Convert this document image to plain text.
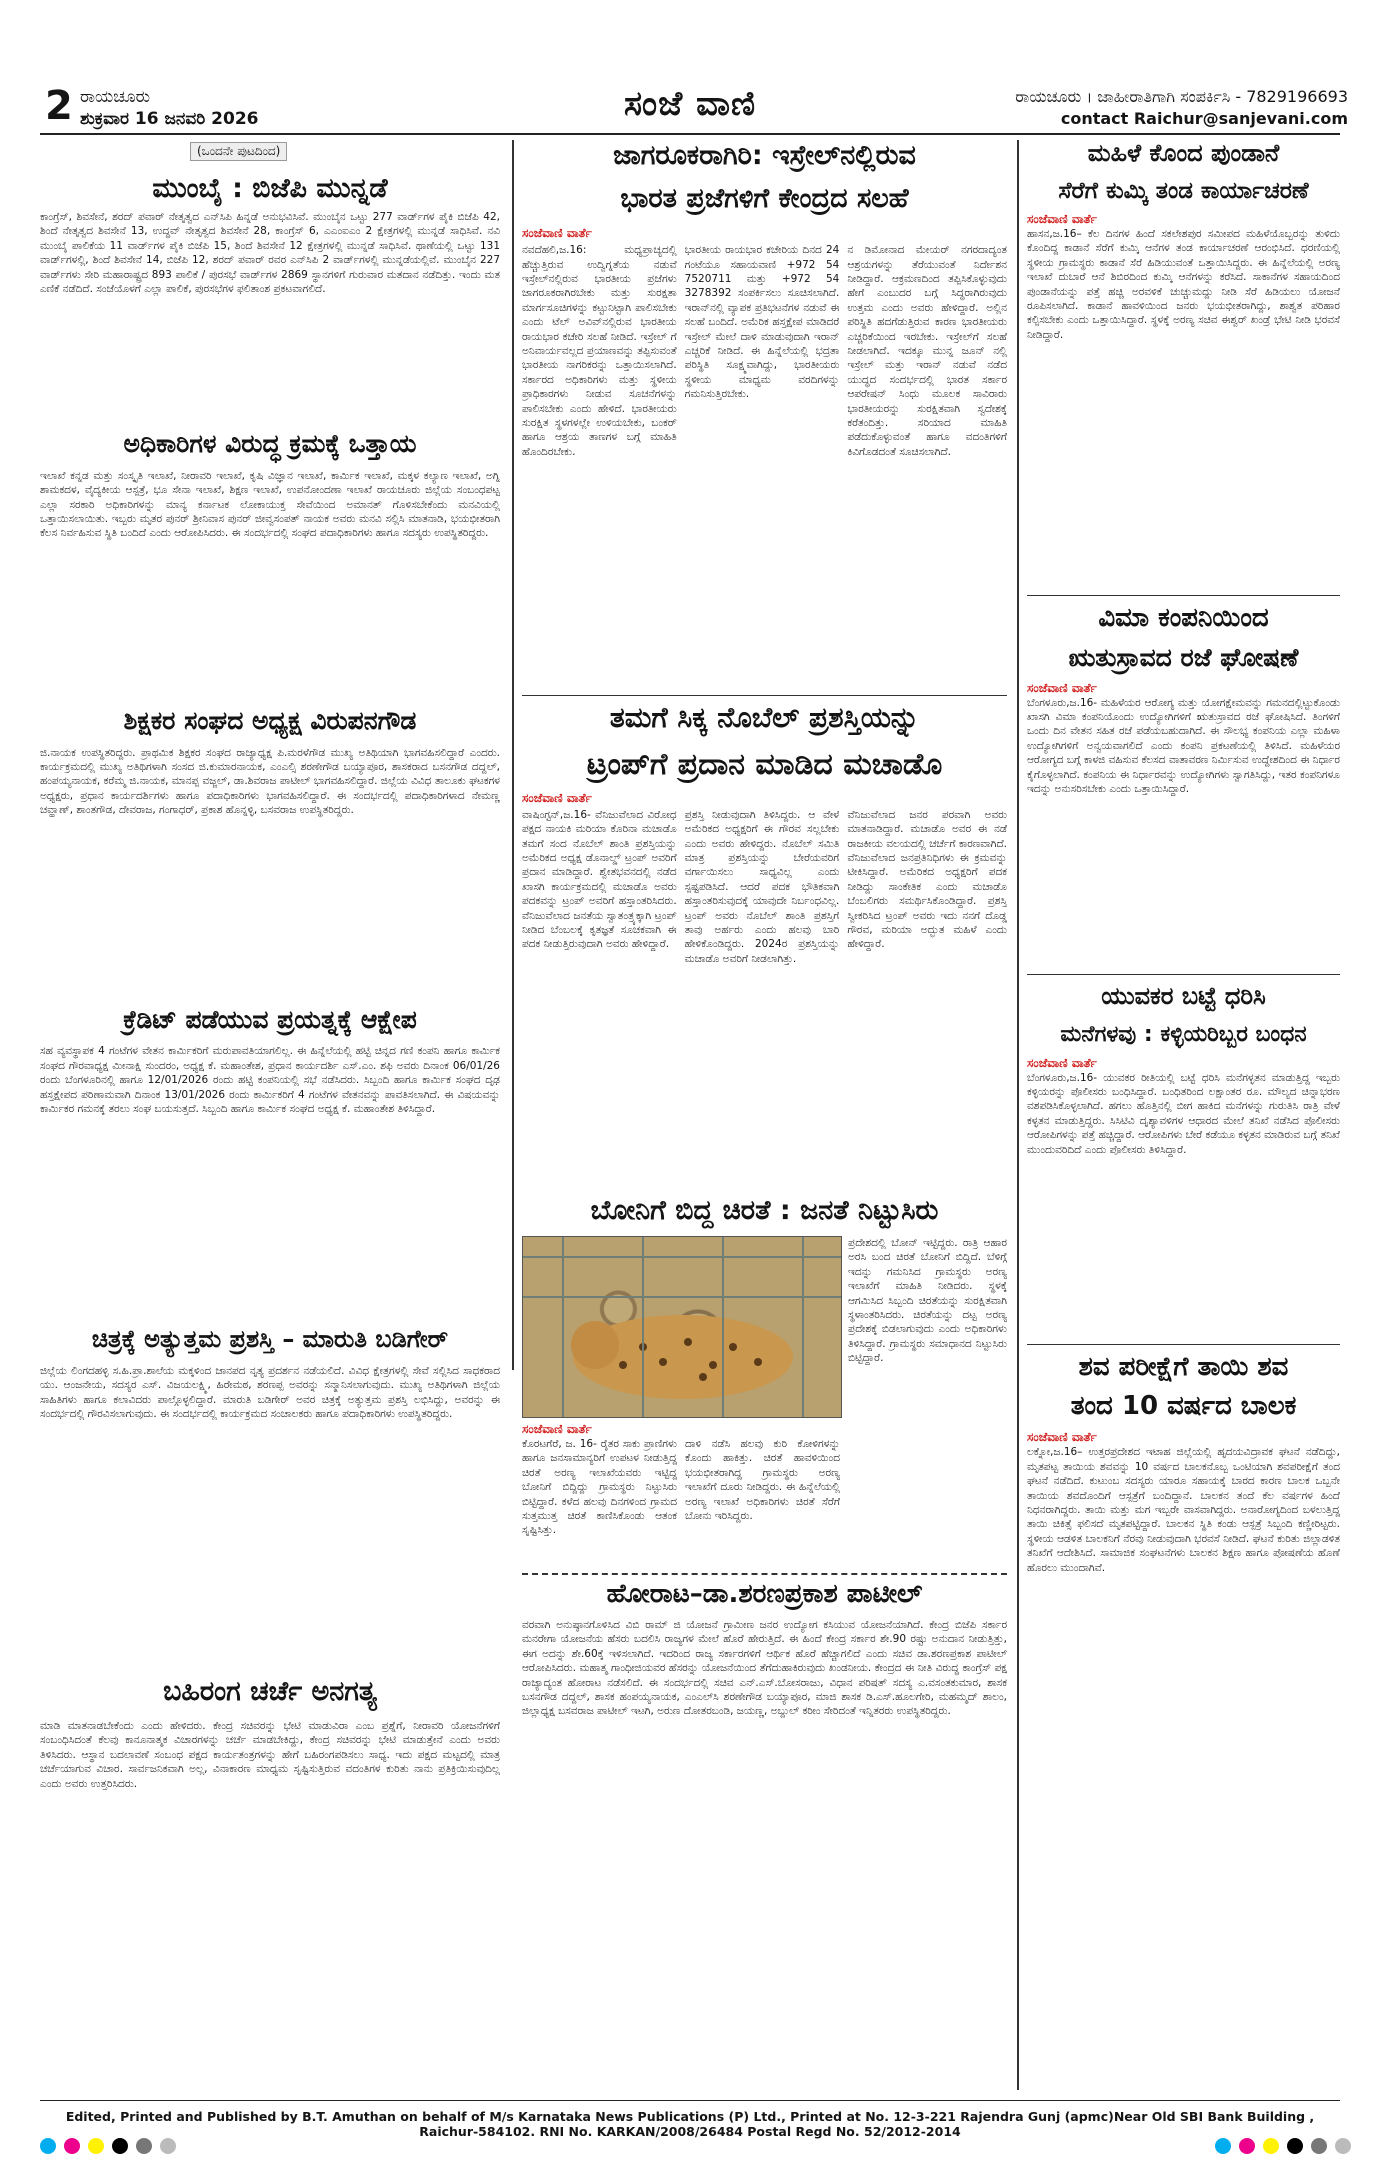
2 ರಾಯಚೂರು
ಶುಕ್ರವಾರ 16 ಜನವರಿ 2026	ಸಂಜೆ ವಾಣಿ	ರಾಯಚೂರು । ಜಾಹೀರಾತಿಗಾಗಿ ಸಂಪರ್ಕಿಸಿ - 7829196693
contact Raichur@sanjevani.com
(ಒಂದನೇ ಪುಟದಿಂದ)
ಮುಂಬೈ : ಬಿಜೆಪಿ ಮುನ್ನಡೆ
ಕಾಂಗ್ರೆಸ್, ಶಿವಸೇನೆ, ಶರದ್ ಪವಾರ್ ನೇತೃತ್ವದ ಎನ್‌ಸಿಪಿ ಹಿನ್ನಡೆ ಅನುಭವಿಸಿವೆ. ಮುಂಬೈನ ಒಟ್ಟು 277 ವಾರ್ಡ್‌ಗಳ ಪೈಕಿ ಬಿಜೆಪಿ 42, ಶಿಂದೆ ನೇತೃತ್ವದ ಶಿವಸೇನೆ 13, ಉದ್ಧವ್ ನೇತೃತ್ವದ ಶಿವಸೇನೆ 28, ಕಾಂಗ್ರೆಸ್ 6, ಎಎಂಐಎಂ 2 ಕ್ಷೇತ್ರಗಳಲ್ಲಿ ಮುನ್ನಡೆ ಸಾಧಿಸಿವೆ. ನವಿ ಮುಂಬೈ ಪಾಲಿಕೆಯ 11 ವಾರ್ಡ್‌ಗಳ ಪೈಕಿ ಬಿಜೆಪಿ 15, ಶಿಂದೆ ಶಿವಸೇನೆ 12 ಕ್ಷೇತ್ರಗಳಲ್ಲಿ ಮುನ್ನಡೆ ಸಾಧಿಸಿವೆ. ಥಾಣೆಯಲ್ಲಿ ಒಟ್ಟು 131 ವಾರ್ಡ್‌ಗಳಲ್ಲಿ, ಶಿಂದೆ ಶಿವಸೇನೆ 14, ಬಿಜೆಪಿ 12, ಶರದ್ ಪವಾರ್ ರವರ ಎನ್‌ಸಿಪಿ 2 ವಾರ್ಡ್‌ಗಳಲ್ಲಿ ಮುನ್ನಡೆಯಲ್ಲಿವೆ. ಮುಂಬೈನ 227 ವಾರ್ಡ್‌ಗಳು ಸೇರಿ ಮಹಾರಾಷ್ಟ್ರದ 893 ಪಾಲಿಕೆ / ಪುರಸಭೆ ವಾರ್ಡ್‌ಗಳ 2869 ಸ್ಥಾನಗಳಿಗೆ ಗುರುವಾರ ಮತದಾನ ನಡೆದಿತ್ತು. ಇಂದು ಮತ ಎಣಿಕೆ ನಡೆದಿದೆ. ಸಂಜೆಯೊಳಗೆ ಎಲ್ಲಾ ಪಾಲಿಕೆ, ಪುರಸಭೆಗಳ ಫಲಿತಾಂಶ ಪ್ರಕಟವಾಗಲಿದೆ.
ಅಧಿಕಾರಿಗಳ ವಿರುದ್ಧ ಕ್ರಮಕ್ಕೆ ಒತ್ತಾಯ
ಇಲಾಖೆ ಕನ್ನಡ ಮತ್ತು ಸಂಸ್ಕೃತಿ ಇಲಾಖೆ, ನೀರಾವರಿ ಇಲಾಖೆ, ಕೃಷಿ ವಿಜ್ಞಾನ ಇಲಾಖೆ, ಕಾರ್ಮಿಕ ಇಲಾಖೆ, ಮಕ್ಕಳ ಕಲ್ಯಾಣ ಇಲಾಖೆ, ಅಗ್ನಿ ಶಾಮಕದಳ, ವೈದ್ಯಕೀಯ ಆಸ್ಪತ್ರೆ, ಭೂ ಸೇನಾ ಇಲಾಖೆ, ಶಿಕ್ಷಣ ಇಲಾಖೆ, ಉಪನೋಂದಣಾ ಇಲಾಖೆ ರಾಯಚೂರು ಜಿಲ್ಲೆಯ ಸಂಬಂಧಪಟ್ಟ ಎಲ್ಲಾ ಸರಕಾರಿ ಅಧಿಕಾರಿಗಳನ್ನು ಮಾನ್ಯ ಕರ್ನಾಟಕ ಲೋಕಾಯುಕ್ತ ಸೇವೆಯಿಂದ ಅಮಾನತ್ ಗೊಳಿಸಬೇಕೆಂದು ಮನವಿಯಲ್ಲಿ ಒತ್ತಾಯಿಸಲಾಯಿತು. ಇಬ್ಬರು ಮೃತರ ಪುನರ್ ಶ್ರೀನಿವಾಸ ಪುನರ್ ಜೀವ್ವಸಂಪತ್ ನಾಯಕ ಅವರು ಮನವಿ ಸಲ್ಲಿಸಿ ಮಾತನಾಡಿ, ಭಯಭೀತರಾಗಿ ಕೆಲಸ ನಿರ್ವಹಿಸುವ ಸ್ಥಿತಿ ಬಂದಿದೆ ಎಂದು ಆರೋಪಿಸಿದರು. ಈ ಸಂದರ್ಭದಲ್ಲಿ ಸಂಘದ ಪದಾಧಿಕಾರಿಗಳು ಹಾಗೂ ಸದಸ್ಯರು ಉಪಸ್ಥಿತರಿದ್ದರು.
ಶಿಕ್ಷಕರ ಸಂಘದ ಅಧ್ಯಕ್ಷ ವಿರುಪನಗೌಡ
ಜಿ.ನಾಯಕ ಉಪಸ್ಥಿತರಿದ್ದರು. ಪ್ರಾಥಮಿಕ ಶಿಕ್ಷಕರ ಸಂಘದ ರಾಜ್ಯಾಧ್ಯಕ್ಷ ಪಿ.ಮರಳೆಗೌಡ ಮುಖ್ಯ ಅತಿಥಿಯಾಗಿ ಭಾಗವಹಿಸಲಿದ್ದಾರೆ ಎಂದರು. ಕಾರ್ಯಕ್ರಮದಲ್ಲಿ ಮುಖ್ಯ ಅತಿಥಿಗಳಾಗಿ ಸಂಸದ ಜಿ.ಕುಮಾರನಾಯಕ, ಎಂಎಲ್ಸಿ ಶರಣೇಗೌಡ ಬಯ್ಯಾಪೂರ, ಶಾಸಕರಾದ ಬಸನಗೌಡ ದದ್ದಲ್, ಹಂಪಯ್ಯನಾಯಕ, ಕರೆಮ್ಮ ಜಿ.ನಾಯಕ, ಮಾನಪ್ಪ ವಜ್ಜಲ್, ಡಾ.ಶಿವರಾಜ ಪಾಟೀಲ್ ಭಾಗವಹಿಸಲಿದ್ದಾರೆ. ಜಿಲ್ಲೆಯ ವಿವಿಧ ತಾಲೂಕು ಘಟಕಗಳ ಅಧ್ಯಕ್ಷರು, ಪ್ರಧಾನ ಕಾರ್ಯದರ್ಶಿಗಳು ಹಾಗೂ ಪದಾಧಿಕಾರಿಗಳು ಭಾಗವಹಿಸಲಿದ್ದಾರೆ. ಈ ಸಂದರ್ಭದಲ್ಲಿ ಪದಾಧಿಕಾರಿಗಳಾದ ನೇಮಣ್ಣ ಚವ್ಹಾಣ್, ಶಾಂತಗೌಡ, ದೇವರಾಜ, ಗಂಗಾಧರ್, ಪ್ರಕಾಶ ಹೊನ್ನಳ್ಳಿ, ಬಸವರಾಜ ಉಪಸ್ಥಿತರಿದ್ದರು.
ಕ್ರೆಡಿಟ್ ಪಡೆಯುವ ಪ್ರಯತ್ನಕ್ಕೆ ಆಕ್ಷೇಪ
ಸಹ ವ್ಯವಸ್ಥಾಪಕ 4 ಗಂಟೆಗಳ ವೇತನ ಕಾರ್ಮಿಕರಿಗೆ ಮರುಪಾವತಿಯಾಗಲಿಲ್ಲ. ಈ ಹಿನ್ನೆಲೆಯಲ್ಲಿ ಹಟ್ಟಿ ಚಿನ್ನದ ಗಣಿ ಕಂಪನಿ ಹಾಗೂ ಕಾರ್ಮಿಕ ಸಂಘದ ಗೌರವಾಧ್ಯಕ್ಷ ಮೀನಾಕ್ಷಿ ಸುಂದರಂ, ಅಧ್ಯಕ್ಷ ಕೆ. ಮಹಾಂತೇಶ, ಪ್ರಧಾನ ಕಾರ್ಯದರ್ಶಿ ಎಸ್.ಎಂ. ಶಫಿ ಅವರು ದಿನಾಂಕ 06/01/26 ರಂದು ಬೆಂಗಳೂರಿನಲ್ಲಿ ಹಾಗೂ 12/01/2026 ರಂದು ಹಟ್ಟಿ ಕಂಪನಿಯಲ್ಲಿ ಸಭೆ ನಡೆಸಿದರು. ಸಿಬ್ಬಂದಿ ಹಾಗೂ ಕಾರ್ಮಿಕ ಸಂಘದ ದೃಢ ಹಸ್ತಕ್ಷೇಪದ ಪರಿಣಾಮವಾಗಿ ದಿನಾಂಕ 13/01/2026 ರಂದು ಕಾರ್ಮಿಕರಿಗೆ 4 ಗಂಟೆಗಳ ವೇತನವನ್ನು ಪಾವತಿಸಲಾಗಿದೆ. ಈ ವಿಷಯವನ್ನು ಕಾರ್ಮಿಕರ ಗಮನಕ್ಕೆ ತರಲು ಸಂಘ ಬಯಸುತ್ತದೆ. ಸಿಬ್ಬಂದಿ ಹಾಗೂ ಕಾರ್ಮಿಕ ಸಂಘದ ಅಧ್ಯಕ್ಷ ಕೆ. ಮಹಾಂತೇಶ ತಿಳಿಸಿದ್ದಾರೆ.
ಚಿತ್ರಕ್ಕೆ ಅತ್ಯುತ್ತಮ ಪ್ರಶಸ್ತಿ – ಮಾರುತಿ ಬಡಿಗೇರ್
ಜಿಲ್ಲೆಯ ಲಿಂಗದಹಳ್ಳಿ ಸ.ಹಿ.ಪ್ರಾ.ಶಾಲೆಯ ಮಕ್ಕಳಿಂದ ಜಾನಪದ ನೃತ್ಯ ಪ್ರದರ್ಶನ ನಡೆಯಲಿದೆ. ವಿವಿಧ ಕ್ಷೇತ್ರಗಳಲ್ಲಿ ಸೇವೆ ಸಲ್ಲಿಸಿದ ಸಾಧಕರಾದ ಯು. ಆಂಜನೇಯ, ಸದಸ್ಯರ ಎಸ್. ವಿಜಯಲಕ್ಷ್ಮಿ, ಹಿರೇಮಠ, ಶರಣಪ್ಪ ಅವರನ್ನು ಸನ್ಮಾನಿಸಲಾಗುವುದು. ಮುಖ್ಯ ಅತಿಥಿಗಳಾಗಿ ಜಿಲ್ಲೆಯ ಸಾಹಿತಿಗಳು ಹಾಗೂ ಕಲಾವಿದರು ಪಾಲ್ಗೊಳ್ಳಲಿದ್ದಾರೆ. ಮಾರುತಿ ಬಡಿಗೇರ್ ಅವರ ಚಿತ್ರಕ್ಕೆ ಅತ್ಯುತ್ತಮ ಪ್ರಶಸ್ತಿ ಲಭಿಸಿದ್ದು, ಅವರನ್ನು ಈ ಸಂದರ್ಭದಲ್ಲಿ ಗೌರವಿಸಲಾಗುವುದು. ಈ ಸಂದರ್ಭದಲ್ಲಿ ಕಾರ್ಯಕ್ರಮದ ಸಂಚಾಲಕರು ಹಾಗೂ ಪದಾಧಿಕಾರಿಗಳು ಉಪಸ್ಥಿತರಿದ್ದರು.
ಬಹಿರಂಗ ಚರ್ಚೆ ಅನಗತ್ಯ
ಮಾಡಿ ಮಾತನಾಡಬೇಕೆಂದು ಎಂದು ಹೇಳಿದರು. ಕೇಂದ್ರ ಸಚಿವರನ್ನು ಭೇಟಿ ಮಾಡುವಿರಾ ಎಂಬ ಪ್ರಶ್ನೆಗೆ, ನೀರಾವರಿ ಯೋಜನೆಗಳಿಗೆ ಸಂಬಂಧಿಸಿದಂತೆ ಕೆಲವು ಕಾನೂನಾತ್ಮಕ ವಿಚಾರಗಳನ್ನು ಚರ್ಚೆ ಮಾಡಬೇಕಿದ್ದು, ಕೇಂದ್ರ ಸಚಿವರನ್ನು ಭೇಟಿ ಮಾಡುತ್ತೇನೆ ಎಂದು ಅವರು ತಿಳಿಸಿದರು. ಆಸ್ಥಾನ ಬದಲಾವಣೆ ಸಂಬಂಧ ಪಕ್ಷದ ಕಾರ್ಯತಂತ್ರಗಳನ್ನು ಹೇಗೆ ಬಹಿರಂಗಪಡಿಸಲು ಸಾಧ್ಯ. ಇದು ಪಕ್ಷದ ಮಟ್ಟದಲ್ಲಿ ಮಾತ್ರ ಚರ್ಚೆಯಾಗುವ ವಿಚಾರ. ಸಾರ್ವಜನಿಕವಾಗಿ ಅಲ್ಲ, ವಿನಾಕಾರಣ ಮಾಧ್ಯಮ ಸೃಷ್ಟಿಸುತ್ತಿರುವ ವದಂತಿಗಳ ಕುರಿತು ನಾನು ಪ್ರತಿಕ್ರಿಯಿಸುವುದಿಲ್ಲ ಎಂದು ಅವರು ಉತ್ತರಿಸಿದರು.
ಜಾಗರೂಕರಾಗಿರಿ: ಇಸ್ರೇಲ್‌ನಲ್ಲಿರುವ
ಭಾರತ ಪ್ರಜೆಗಳಿಗೆ ಕೇಂದ್ರದ ಸಲಹೆ
ಸಂಜೆವಾಣಿ ವಾರ್ತೆ
ನವದೆಹಲಿ,ಜ.16: ಮಧ್ಯಪ್ರಾಚ್ಯದಲ್ಲಿ ಹೆಚ್ಚುತ್ತಿರುವ ಉದ್ವಿಗ್ನತೆಯ ನಡುವೆ ಇಸ್ರೇಲ್‌ನಲ್ಲಿರುವ ಭಾರತೀಯ ಪ್ರಜೆಗಳು ಜಾಗರೂಕರಾಗಿರಬೇಕು ಮತ್ತು ಸುರಕ್ಷತಾ ಮಾರ್ಗಸೂಚಿಗಳನ್ನು ಕಟ್ಟುನಿಟ್ಟಾಗಿ ಪಾಲಿಸಬೇಕು ಎಂದು ಟೆಲ್ ಅವಿವ್‌ನಲ್ಲಿರುವ ಭಾರತೀಯ ರಾಯಭಾರ ಕಚೇರಿ ಸಲಹೆ ನೀಡಿದೆ. ಇಸ್ರೇಲ್ ಗೆ ಅನಿವಾರ್ಯವಲ್ಲದ ಪ್ರಯಾಣವನ್ನು ತಪ್ಪಿಸುವಂತೆ ಭಾರತೀಯ ನಾಗರಿಕರನ್ನು ಒತ್ತಾಯಿಸಲಾಗಿದೆ. ಸರ್ಕಾರದ ಅಧಿಕಾರಿಗಳು ಮತ್ತು ಸ್ಥಳೀಯ ಪ್ರಾಧಿಕಾರಗಳು ನೀಡುವ ಸೂಚನೆಗಳನ್ನು ಪಾಲಿಸಬೇಕು ಎಂದು ಹೇಳಿದೆ. ಭಾರತೀಯರು ಸುರಕ್ಷಿತ ಸ್ಥಳಗಳಲ್ಲೇ ಉಳಿಯಬೇಕು, ಬಂಕರ್ ಹಾಗೂ ಆಶ್ರಯ ತಾಣಗಳ ಬಗ್ಗೆ ಮಾಹಿತಿ ಹೊಂದಿರಬೇಕು.
ಭಾರತೀಯ ರಾಯಭಾರ ಕಚೇರಿಯ ದಿನದ 24 ಗಂಟೆಯೂ ಸಹಾಯವಾಣಿ +972 54 7520711 ಮತ್ತು +972 54 3278392 ಸಂಪರ್ಕಿಸಲು ಸೂಚಿಸಲಾಗಿದೆ. ಇರಾನ್‌ನಲ್ಲಿ ವ್ಯಾಪಕ ಪ್ರತಿಭಟನೆಗಳ ನಡುವೆ ಈ ಸಲಹೆ ಬಂದಿದೆ. ಅಮೆರಿಕ ಹಸ್ತಕ್ಷೇಪ ಮಾಡಿದರೆ ಇಸ್ರೇಲ್ ಮೇಲೆ ದಾಳಿ ಮಾಡುವುದಾಗಿ ಇರಾನ್ ಎಚ್ಚರಿಕೆ ನೀಡಿದೆ. ಈ ಹಿನ್ನೆಲೆಯಲ್ಲಿ ಭದ್ರತಾ ಪರಿಸ್ಥಿತಿ ಸೂಕ್ಷ್ಮವಾಗಿದ್ದು, ಭಾರತೀಯರು ಸ್ಥಳೀಯ ಮಾಧ್ಯಮ ವರದಿಗಳನ್ನು ಗಮನಿಸುತ್ತಿರಬೇಕು.
ನ ಡಿಮೋನಾದ ಮೇಯರ್ ನಗರದಾದ್ಯಂತ ಆಶ್ರಯಗಳನ್ನು ತೆರೆಯುವಂತೆ ನಿರ್ದೇಶನ ನೀಡಿದ್ದಾರೆ. ಆಕ್ರಮಣದಿಂದ ತಪ್ಪಿಸಿಕೊಳ್ಳುವುದು ಹೇಗೆ ಎಂಬುದರ ಬಗ್ಗೆ ಸಿದ್ಧರಾಗಿರುವುದು ಉತ್ತಮ ಎಂದು ಅವರು ಹೇಳಿದ್ದಾರೆ. ಅಲ್ಲಿನ ಪರಿಸ್ಥಿತಿ ಹದಗೆಡುತ್ತಿರುವ ಕಾರಣ ಭಾರತೀಯರು ಎಚ್ಚರಿಕೆಯಿಂದ ಇರಬೇಕು. ಇಸ್ರೇಲ್‌ಗೆ ಸಲಹೆ ನೀಡಲಾಗಿದೆ. ಇದಕ್ಕೂ ಮುನ್ನ ಜೂನ್ ನಲ್ಲಿ ಇಸ್ರೇಲ್ ಮತ್ತು ಇರಾನ್ ನಡುವೆ ನಡೆದ ಯುದ್ಧದ ಸಂದರ್ಭದಲ್ಲಿ ಭಾರತ ಸರ್ಕಾರ ಆಪರೇಷನ್ ಸಿಂಧು ಮೂಲಕ ಸಾವಿರಾರು ಭಾರತೀಯರನ್ನು ಸುರಕ್ಷಿತವಾಗಿ ಸ್ವದೇಶಕ್ಕೆ ಕರೆತಂದಿತ್ತು. ಸರಿಯಾದ ಮಾಹಿತಿ ಪಡೆದುಕೊಳ್ಳುವಂತೆ ಹಾಗೂ ವದಂತಿಗಳಿಗೆ ಕಿವಿಗೊಡದಂತೆ ಸೂಚಿಸಲಾಗಿದೆ.
ತಮಗೆ ಸಿಕ್ಕ ನೊಬೆಲ್ ಪ್ರಶಸ್ತಿಯನ್ನು
ಟ್ರಂಪ್‌ಗೆ ಪ್ರದಾನ ಮಾಡಿದ ಮಚಾಡೊ
ಸಂಜೆವಾಣಿ ವಾರ್ತೆ
ವಾಷಿಂಗ್ಟನ್,ಜ.16- ವೆನಿಜುವೆಲಾದ ವಿರೋಧ ಪಕ್ಷದ ನಾಯಕಿ ಮರಿಯಾ ಕೊರಿನಾ ಮಚಾಡೊ ತಮಗೆ ಸಂದ ನೊಬೆಲ್ ಶಾಂತಿ ಪ್ರಶಸ್ತಿಯನ್ನು ಅಮೆರಿಕದ ಅಧ್ಯಕ್ಷ ಡೊನಾಲ್ಡ್ ಟ್ರಂಪ್ ಅವರಿಗೆ ಪ್ರದಾನ ಮಾಡಿದ್ದಾರೆ. ಶ್ವೇತಭವನದಲ್ಲಿ ನಡೆದ ಖಾಸಗಿ ಕಾರ್ಯಕ್ರಮದಲ್ಲಿ ಮಚಾಡೊ ಅವರು ಪದಕವನ್ನು ಟ್ರಂಪ್ ಅವರಿಗೆ ಹಸ್ತಾಂತರಿಸಿದರು. ವೆನಿಜುವೆಲಾದ ಜನತೆಯ ಸ್ವಾತಂತ್ರ್ಯಕ್ಕಾಗಿ ಟ್ರಂಪ್ ನೀಡಿದ ಬೆಂಬಲಕ್ಕೆ ಕೃತಜ್ಞತೆ ಸೂಚಕವಾಗಿ ಈ ಪದಕ ನೀಡುತ್ತಿರುವುದಾಗಿ ಅವರು ಹೇಳಿದ್ದಾರೆ.
ಪ್ರಶಸ್ತಿ ನೀಡುವುದಾಗಿ ತಿಳಿಸಿದ್ದರು. ಆ ವೇಳೆ ಅಮೆರಿಕದ ಅಧ್ಯಕ್ಷರಿಗೆ ಈ ಗೌರವ ಸಲ್ಲಬೇಕು ಎಂದು ಅವರು ಹೇಳಿದ್ದರು. ನೊಬೆಲ್ ಸಮಿತಿ ಮಾತ್ರ ಪ್ರಶಸ್ತಿಯನ್ನು ಬೇರೆಯವರಿಗೆ ವರ್ಗಾಯಿಸಲು ಸಾಧ್ಯವಿಲ್ಲ ಎಂದು ಸ್ಪಷ್ಟಪಡಿಸಿದೆ. ಆದರೆ ಪದಕ ಭೌತಿಕವಾಗಿ ಹಸ್ತಾಂತರಿಸುವುದಕ್ಕೆ ಯಾವುದೇ ನಿರ್ಬಂಧವಿಲ್ಲ. ಟ್ರಂಪ್ ಅವರು ನೊಬೆಲ್ ಶಾಂತಿ ಪ್ರಶಸ್ತಿಗೆ ತಾವು ಅರ್ಹರು ಎಂದು ಹಲವು ಬಾರಿ ಹೇಳಿಕೊಂಡಿದ್ದರು. 2024ರ ಪ್ರಶಸ್ತಿಯನ್ನು ಮಚಾಡೊ ಅವರಿಗೆ ನೀಡಲಾಗಿತ್ತು.
ವೆನಿಜುವೆಲಾದ ಜನರ ಪರವಾಗಿ ಅವರು ಮಾತನಾಡಿದ್ದಾರೆ. ಮಚಾಡೊ ಅವರ ಈ ನಡೆ ರಾಜಕೀಯ ವಲಯದಲ್ಲಿ ಚರ್ಚೆಗೆ ಕಾರಣವಾಗಿದೆ. ವೆನಿಜುವೆಲಾದ ಜನಪ್ರತಿನಿಧಿಗಳು ಈ ಕ್ರಮವನ್ನು ಟೀಕಿಸಿದ್ದಾರೆ. ಅಮೆರಿಕದ ಅಧ್ಯಕ್ಷರಿಗೆ ಪದಕ ನೀಡಿದ್ದು ಸಾಂಕೇತಿಕ ಎಂದು ಮಚಾಡೊ ಬೆಂಬಲಿಗರು ಸಮರ್ಥಿಸಿಕೊಂಡಿದ್ದಾರೆ. ಪ್ರಶಸ್ತಿ ಸ್ವೀಕರಿಸಿದ ಟ್ರಂಪ್ ಅವರು ಇದು ನನಗೆ ದೊಡ್ಡ ಗೌರವ, ಮರಿಯಾ ಅದ್ಭುತ ಮಹಿಳೆ ಎಂದು ಹೇಳಿದ್ದಾರೆ.
ಬೋನಿಗೆ ಬಿದ್ದ ಚಿರತೆ : ಜನತೆ ನಿಟ್ಟುಸಿರು
ಸಂಜೆವಾಣಿ ವಾರ್ತೆ
ಕೊರಟಗೆರೆ, ಜ. 16- ರೈತರ ಸಾಕು ಪ್ರಾಣಿಗಳು ಹಾಗೂ ಜನಸಾಮಾನ್ಯರಿಗೆ ಉಪಟಳ ನೀಡುತ್ತಿದ್ದ ಚಿರತೆ ಅರಣ್ಯ ಇಲಾಖೆಯವರು ಇಟ್ಟಿದ್ದ ಬೋನಿಗೆ ಬಿದ್ದಿದ್ದು ಗ್ರಾಮಸ್ಥರು ನಿಟ್ಟುಸಿರು ಬಿಟ್ಟಿದ್ದಾರೆ. ಕಳೆದ ಹಲವು ದಿನಗಳಿಂದ ಗ್ರಾಮದ ಸುತ್ತಮುತ್ತ ಚಿರತೆ ಕಾಣಿಸಿಕೊಂಡು ಆತಂಕ ಸೃಷ್ಟಿಸಿತ್ತು.
ದಾಳಿ ನಡೆಸಿ ಹಲವು ಕುರಿ ಕೋಳಿಗಳನ್ನು ಕೊಂದು ಹಾಕಿತ್ತು. ಚಿರತೆ ಹಾವಳಿಯಿಂದ ಭಯಭೀತರಾಗಿದ್ದ ಗ್ರಾಮಸ್ಥರು ಅರಣ್ಯ ಇಲಾಖೆಗೆ ದೂರು ನೀಡಿದ್ದರು. ಈ ಹಿನ್ನೆಲೆಯಲ್ಲಿ ಅರಣ್ಯ ಇಲಾಖೆ ಅಧಿಕಾರಿಗಳು ಚಿರತೆ ಸೆರೆಗೆ ಬೋನು ಇರಿಸಿದ್ದರು.
ಪ್ರದೇಶದಲ್ಲಿ ಬೋನ್ ಇಟ್ಟಿದ್ದರು. ರಾತ್ರಿ ಆಹಾರ ಅರಸಿ ಬಂದ ಚಿರತೆ ಬೋನಿಗೆ ಬಿದ್ದಿದೆ. ಬೆಳಿಗ್ಗೆ ಇದನ್ನು ಗಮನಿಸಿದ ಗ್ರಾಮಸ್ಥರು ಅರಣ್ಯ ಇಲಾಖೆಗೆ ಮಾಹಿತಿ ನೀಡಿದರು. ಸ್ಥಳಕ್ಕೆ ಆಗಮಿಸಿದ ಸಿಬ್ಬಂದಿ ಚಿರತೆಯನ್ನು ಸುರಕ್ಷಿತವಾಗಿ ಸ್ಥಳಾಂತರಿಸಿದರು. ಚಿರತೆಯನ್ನು ದಟ್ಟ ಅರಣ್ಯ ಪ್ರದೇಶಕ್ಕೆ ಬಿಡಲಾಗುವುದು ಎಂದು ಅಧಿಕಾರಿಗಳು ತಿಳಿಸಿದ್ದಾರೆ. ಗ್ರಾಮಸ್ಥರು ಸಮಾಧಾನದ ನಿಟ್ಟುಸಿರು ಬಿಟ್ಟಿದ್ದಾರೆ.
ಹೋರಾಟ–ಡಾ.ಶರಣಪ್ರಕಾಶ ಪಾಟೀಲ್
ವರವಾಗಿ ಅನುಷ್ಠಾನಗೊಳಿಸಿದ ವಿಬಿ ರಾಮ್ ಜಿ ಯೋಜನೆ ಗ್ರಾಮೀಣ ಜನರ ಉದ್ಯೋಗ ಕಸಿಯುವ ಯೋಜನೆಯಾಗಿದೆ. ಕೇಂದ್ರ ಬಿಜೆಪಿ ಸರ್ಕಾರ ಮನರೇಗಾ ಯೋಜನೆಯ ಹೆಸರು ಬದಲಿಸಿ ರಾಜ್ಯಗಳ ಮೇಲೆ ಹೊರೆ ಹೇರುತ್ತಿದೆ. ಈ ಹಿಂದೆ ಕೇಂದ್ರ ಸರ್ಕಾರ ಶೇ.90 ರಷ್ಟು ಅನುದಾನ ನೀಡುತ್ತಿತ್ತು, ಈಗ ಅದನ್ನು ಶೇ.60ಕ್ಕೆ ಇಳಿಸಲಾಗಿದೆ. ಇದರಿಂದ ರಾಜ್ಯ ಸರ್ಕಾರಗಳಿಗೆ ಆರ್ಥಿಕ ಹೊರೆ ಹೆಚ್ಚಾಗಲಿದೆ ಎಂದು ಸಚಿವ ಡಾ.ಶರಣಪ್ರಕಾಶ ಪಾಟೀಲ್ ಆರೋಪಿಸಿದರು. ಮಹಾತ್ಮ ಗಾಂಧೀಜಿಯವರ ಹೆಸರನ್ನು ಯೋಜನೆಯಿಂದ ತೆಗೆದುಹಾಕಿರುವುದು ಖಂಡನೀಯ. ಕೇಂದ್ರದ ಈ ನೀತಿ ವಿರುದ್ಧ ಕಾಂಗ್ರೆಸ್ ಪಕ್ಷ ರಾಜ್ಯಾದ್ಯಂತ ಹೋರಾಟ ನಡೆಸಲಿದೆ. ಈ ಸಂದರ್ಭದಲ್ಲಿ ಸಚಿವ ಎನ್.ಎಸ್.ಬೋಸರಾಜು, ವಿಧಾನ ಪರಿಷತ್ ಸದಸ್ಯ ಎ.ವಸಂತಕುಮಾರ, ಶಾಸಕ ಬಸನಗೌಡ ದದ್ದಲ್, ಶಾಸಕ ಹಂಪಯ್ಯನಾಯಕ, ಎಂಎಲ್‌ಸಿ ಶರಣೇಗೌಡ ಬಯ್ಯಾಪೂರ, ಮಾಜಿ ಶಾಸಕ ಡಿ.ಎಸ್.ಹೂಲಗೇರಿ, ಮಹಮ್ಮದ್ ಶಾಲಂ, ಜಿಲ್ಲಾಧ್ಯಕ್ಷ ಬಸವರಾಜ ಪಾಟೀಲ್ ಇಟಗಿ, ಅರುಣ ದೋತರಬಂಡಿ, ಜಯಣ್ಣ, ಅಬ್ದುಲ್ ಕರೀಂ ಸೇರಿದಂತೆ ಇನ್ನಿತರರು ಉಪಸ್ಥಿತರಿದ್ದರು.
ಮಹಿಳೆ ಕೊಂದ ಪುಂಡಾನೆ
ಸೆರೆಗೆ ಕುಮ್ಕಿ ತಂಡ ಕಾರ್ಯಾಚರಣೆ
ಸಂಜೆವಾಣಿ ವಾರ್ತೆ
ಹಾಸನ,ಜ.16– ಕೆಲ ದಿನಗಳ ಹಿಂದೆ ಸಕಲೇಶಪುರ ಸಮೀಪದ ಮಹಿಳೆಯೊಬ್ಬರನ್ನು ತುಳಿದು ಕೊಂದಿದ್ದ ಕಾಡಾನೆ ಸೆರೆಗೆ ಕುಮ್ಕಿ ಆನೆಗಳ ತಂಡ ಕಾರ್ಯಾಚರಣೆ ಆರಂಭಿಸಿದೆ. ಧರಣಿಯಲ್ಲಿ ಸ್ಥಳೀಯ ಗ್ರಾಮಸ್ಥರು ಕಾಡಾನೆ ಸೆರೆ ಹಿಡಿಯುವಂತೆ ಒತ್ತಾಯಿಸಿದ್ದರು. ಈ ಹಿನ್ನೆಲೆಯಲ್ಲಿ ಅರಣ್ಯ ಇಲಾಖೆ ದುಬಾರೆ ಆನೆ ಶಿಬಿರದಿಂದ ಕುಮ್ಕಿ ಆನೆಗಳನ್ನು ಕರೆಸಿದೆ. ಸಾಕಾನೆಗಳ ಸಹಾಯದಿಂದ ಪುಂಡಾನೆಯನ್ನು ಪತ್ತೆ ಹಚ್ಚಿ ಅರವಳಿಕೆ ಚುಚ್ಚುಮದ್ದು ನೀಡಿ ಸೆರೆ ಹಿಡಿಯಲು ಯೋಜನೆ ರೂಪಿಸಲಾಗಿದೆ. ಕಾಡಾನೆ ಹಾವಳಿಯಿಂದ ಜನರು ಭಯಭೀತರಾಗಿದ್ದು, ಶಾಶ್ವತ ಪರಿಹಾರ ಕಲ್ಪಿಸಬೇಕು ಎಂದು ಒತ್ತಾಯಿಸಿದ್ದಾರೆ. ಸ್ಥಳಕ್ಕೆ ಅರಣ್ಯ ಸಚಿವ ಈಶ್ವರ್ ಖಂಡ್ರೆ ಭೇಟಿ ನೀಡಿ ಭರವಸೆ ನೀಡಿದ್ದಾರೆ.
ವಿಮಾ ಕಂಪನಿಯಿಂದ
ಋತುಸ್ರಾವದ ರಜೆ ಘೋಷಣೆ
ಸಂಜೆವಾಣಿ ವಾರ್ತೆ
ಬೆಂಗಳೂರು,ಜ.16- ಮಹಿಳೆಯರ ಆರೋಗ್ಯ ಮತ್ತು ಯೋಗಕ್ಷೇಮವನ್ನು ಗಮನದಲ್ಲಿಟ್ಟುಕೊಂಡು ಖಾಸಗಿ ವಿಮಾ ಕಂಪನಿಯೊಂದು ಉದ್ಯೋಗಿಗಳಿಗೆ ಋತುಸ್ರಾವದ ರಜೆ ಘೋಷಿಸಿದೆ. ತಿಂಗಳಿಗೆ ಒಂದು ದಿನ ವೇತನ ಸಹಿತ ರಜೆ ಪಡೆಯಬಹುದಾಗಿದೆ. ಈ ಸೌಲಭ್ಯ ಕಂಪನಿಯ ಎಲ್ಲಾ ಮಹಿಳಾ ಉದ್ಯೋಗಿಗಳಿಗೆ ಅನ್ವಯವಾಗಲಿದೆ ಎಂದು ಕಂಪನಿ ಪ್ರಕಟಣೆಯಲ್ಲಿ ತಿಳಿಸಿದೆ. ಮಹಿಳೆಯರ ಆರೋಗ್ಯದ ಬಗ್ಗೆ ಕಾಳಜಿ ವಹಿಸುವ ಕೆಲಸದ ವಾತಾವರಣ ನಿರ್ಮಿಸುವ ಉದ್ದೇಶದಿಂದ ಈ ನಿರ್ಧಾರ ಕೈಗೊಳ್ಳಲಾಗಿದೆ. ಕಂಪನಿಯ ಈ ನಿರ್ಧಾರವನ್ನು ಉದ್ಯೋಗಿಗಳು ಸ್ವಾಗತಿಸಿದ್ದು, ಇತರ ಕಂಪನಿಗಳೂ ಇದನ್ನು ಅನುಸರಿಸಬೇಕು ಎಂದು ಒತ್ತಾಯಿಸಿದ್ದಾರೆ.
ಯುವಕರ ಬಟ್ಟೆ ಧರಿಸಿ
ಮನೆಗಳವು : ಕಳ್ಳಿಯರಿಬ್ಬರ ಬಂಧನ
ಸಂಜೆವಾಣಿ ವಾರ್ತೆ
ಬೆಂಗಳೂರು,ಜ.16- ಯುವಕರ ರೀತಿಯಲ್ಲಿ ಬಟ್ಟೆ ಧರಿಸಿ ಮನೆಗಳ್ಳತನ ಮಾಡುತ್ತಿದ್ದ ಇಬ್ಬರು ಕಳ್ಳಿಯರನ್ನು ಪೊಲೀಸರು ಬಂಧಿಸಿದ್ದಾರೆ. ಬಂಧಿತರಿಂದ ಲಕ್ಷಾಂತರ ರೂ. ಮೌಲ್ಯದ ಚಿನ್ನಾಭರಣ ವಶಪಡಿಸಿಕೊಳ್ಳಲಾಗಿದೆ. ಹಗಲು ಹೊತ್ತಿನಲ್ಲಿ ಬೀಗ ಹಾಕಿದ ಮನೆಗಳನ್ನು ಗುರುತಿಸಿ ರಾತ್ರಿ ವೇಳೆ ಕಳ್ಳತನ ಮಾಡುತ್ತಿದ್ದರು. ಸಿಸಿಟಿವಿ ದೃಶ್ಯಾವಳಿಗಳ ಆಧಾರದ ಮೇಲೆ ತನಿಖೆ ನಡೆಸಿದ ಪೊಲೀಸರು ಆರೋಪಿಗಳನ್ನು ಪತ್ತೆ ಹಚ್ಚಿದ್ದಾರೆ. ಆರೋಪಿಗಳು ಬೇರೆ ಕಡೆಯೂ ಕಳ್ಳತನ ಮಾಡಿರುವ ಬಗ್ಗೆ ತನಿಖೆ ಮುಂದುವರಿದಿದೆ ಎಂದು ಪೊಲೀಸರು ತಿಳಿಸಿದ್ದಾರೆ.
ಶವ ಪರೀಕ್ಷೆಗೆ ತಾಯಿ ಶವ
ತಂದ 10 ವರ್ಷದ ಬಾಲಕ
ಸಂಜೆವಾಣಿ ವಾರ್ತೆ
ಲಕ್ನೋ,ಜ.16– ಉತ್ತರಪ್ರದೇಶದ ಇಟಾಹ ಜಿಲ್ಲೆಯಲ್ಲಿ ಹೃದಯವಿದ್ರಾವಕ ಘಟನೆ ನಡೆದಿದ್ದು, ಮೃತಪಟ್ಟ ತಾಯಿಯ ಶವವನ್ನು 10 ವರ್ಷದ ಬಾಲಕನೊಬ್ಬ ಒಂಟಿಯಾಗಿ ಶವಪರೀಕ್ಷೆಗೆ ತಂದ ಘಟನೆ ನಡೆದಿದೆ. ಕುಟುಂಬ ಸದಸ್ಯರು ಯಾರೂ ಸಹಾಯಕ್ಕೆ ಬಾರದ ಕಾರಣ ಬಾಲಕ ಒಬ್ಬನೇ ತಾಯಿಯ ಶವದೊಂದಿಗೆ ಆಸ್ಪತ್ರೆಗೆ ಬಂದಿದ್ದಾನೆ. ಬಾಲಕನ ತಂದೆ ಕೆಲ ವರ್ಷಗಳ ಹಿಂದೆ ನಿಧನರಾಗಿದ್ದರು. ತಾಯಿ ಮತ್ತು ಮಗ ಇಬ್ಬರೇ ವಾಸವಾಗಿದ್ದರು. ಅನಾರೋಗ್ಯದಿಂದ ಬಳಲುತ್ತಿದ್ದ ತಾಯಿ ಚಿಕಿತ್ಸೆ ಫಲಿಸದೆ ಮೃತಪಟ್ಟಿದ್ದಾರೆ. ಬಾಲಕನ ಸ್ಥಿತಿ ಕಂಡು ಆಸ್ಪತ್ರೆ ಸಿಬ್ಬಂದಿ ಕಣ್ಣೀರಿಟ್ಟರು. ಸ್ಥಳೀಯ ಆಡಳಿತ ಬಾಲಕನಿಗೆ ನೆರವು ನೀಡುವುದಾಗಿ ಭರವಸೆ ನೀಡಿದೆ. ಘಟನೆ ಕುರಿತು ಜಿಲ್ಲಾಡಳಿತ ತನಿಖೆಗೆ ಆದೇಶಿಸಿದೆ. ಸಾಮಾಜಿಕ ಸಂಘಟನೆಗಳು ಬಾಲಕನ ಶಿಕ್ಷಣ ಹಾಗೂ ಪೋಷಣೆಯ ಹೊಣೆ ಹೊರಲು ಮುಂದಾಗಿವೆ.
Edited, Printed and Published by B.T. Amuthan on behalf of M/s Karnataka News Publications (P) Ltd., Printed at No. 12-3-221 Rajendra Gunj (apmc)Near Old SBI Bank Building , Raichur-584102. RNI No. KARKAN/2008/26484 Postal Regd No. 52/2012-2014
